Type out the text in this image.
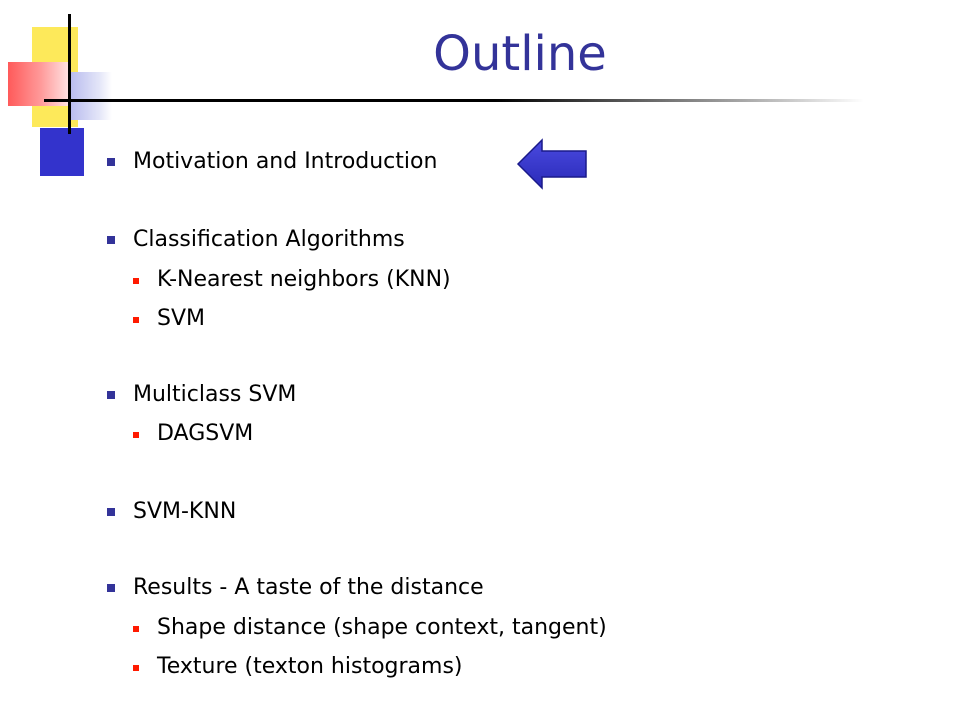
Outline
Motivation and Introduction
Classification Algorithms
K-Nearest neighbors (KNN)
SVM
Multiclass SVM
DAGSVM
SVM-KNN
Results - A taste of the distance
Shape distance (shape context, tangent)
Texture (texton histograms)
